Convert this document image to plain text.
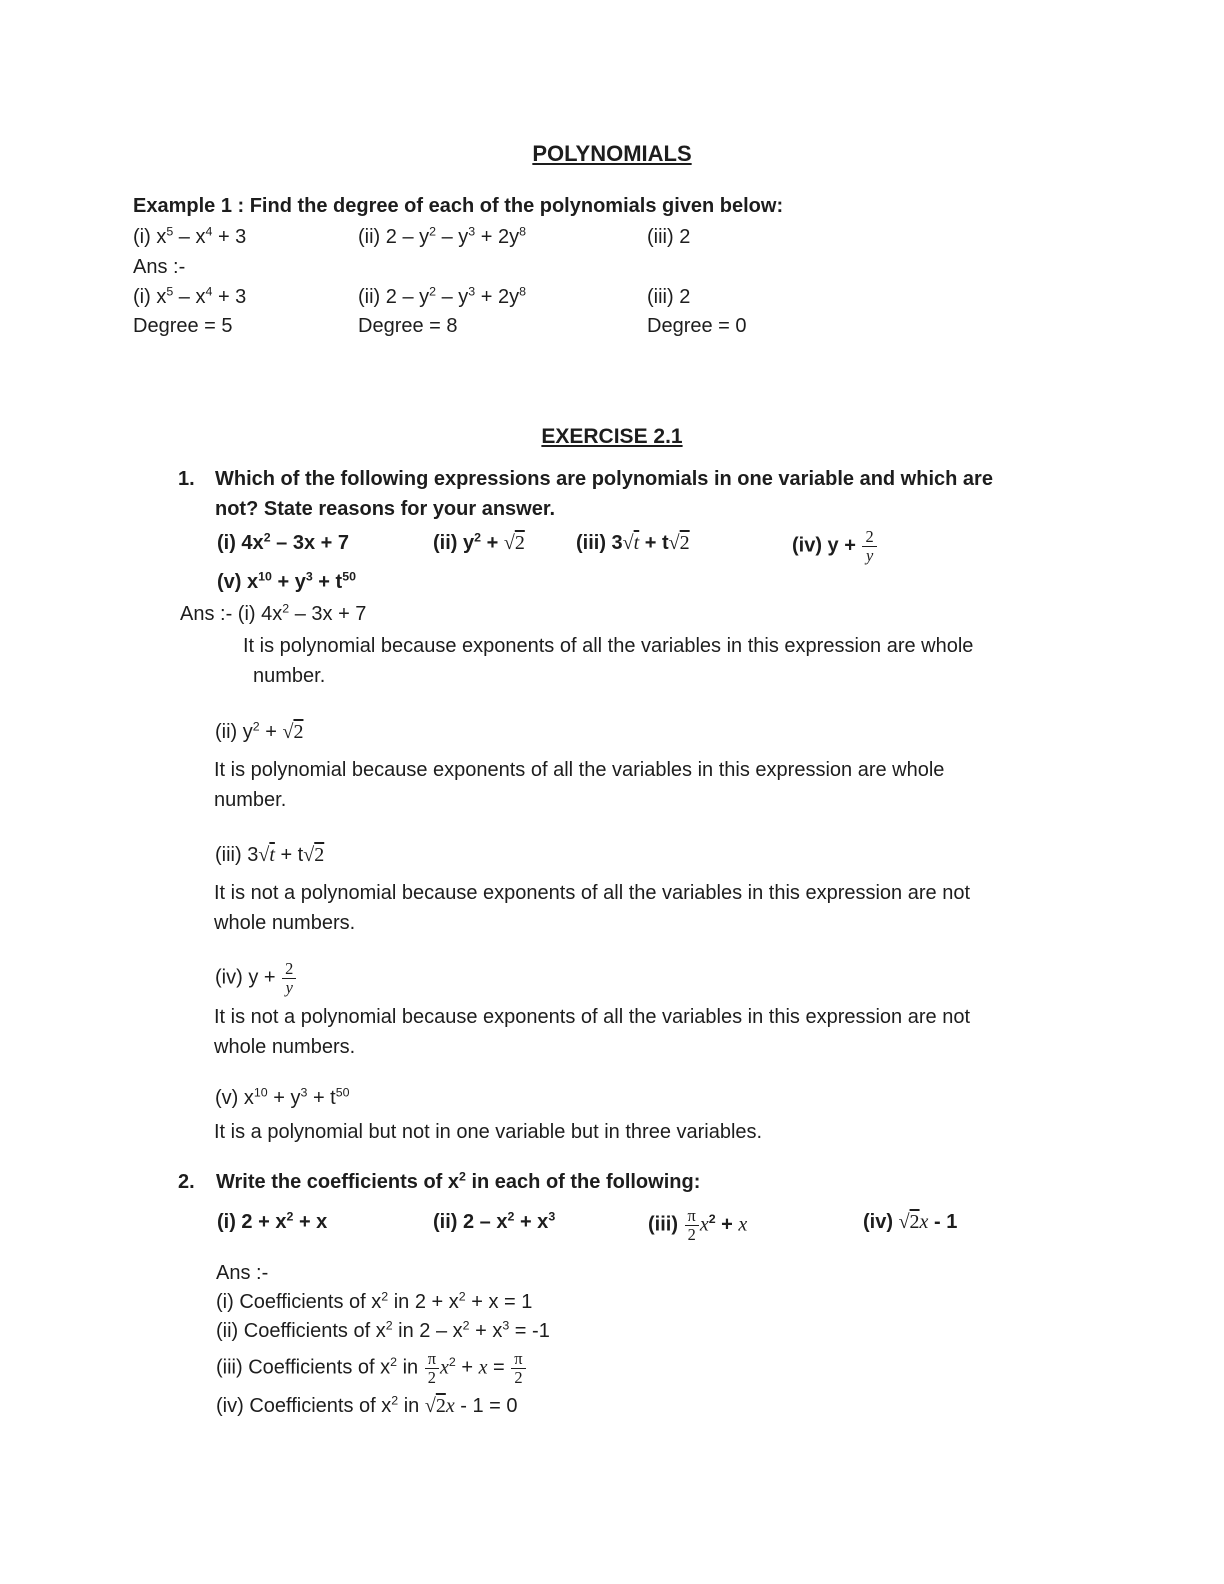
POLYNOMIALS
Example 1 : Find the degree of each of the polynomials given below:
(i) $x^5 - x^4 + 3$	(ii) $2 - y^2 - y^3 + 2y^8$	(iii) 2
Ans :-
(i) $x^5 - x^4 + 3$	(ii) $2 - y^2 - y^3 + 2y^8$	(iii) 2
Degree = 5	Degree = 8	Degree = 0
EXERCISE 2.1
1. Which of the following expressions are polynomials in one variable and which are
not? State reasons for your answer.
(i) $4x^2 - 3x + 7$	(ii) $y^2 + √2$	(iii) 3√t + t√2	(iv) $y + \frac{2}{y}$
(v) $x^{10} + y^3 + t^{50}$
Ans :- (i) $4x^2 - 3x + 7$
It is polynomial because exponents of all the variables in this expression are whole
number.
(ii) $y^2 + √2$
It is polynomial because exponents of all the variables in this expression are whole
number.
(iii) 3√t + t√2
It is not a polynomial because exponents of all the variables in this expression are not
whole numbers.
(iv) $y + \frac{2}{y}$
It is not a polynomial because exponents of all the variables in this expression are not
whole numbers.
(v) $x^{10} + y^3 + t^{50}$
It is a polynomial but not in one variable but in three variables.
2. Write the coefficients of $x^2$ in each of the following:
(i) $2 + x^2 + x$	(ii) $2 - x^2 + x^3$	$(iii) \frac{\pi}{2} x^2 + x$	(iv) √2x - 1
Ans :-
(i) Coefficients of $x^2$ in $2 + x^2 + x = 1$
(ii) Coefficients of $x^2$ in $2 - x^2 + x^3 = -1$
(iii) Coefficients of $x^2$ in $\frac{\pi}{2} x^2 + x = \frac{\pi}{2}$
(iv) Coefficients of $x^2$ in √2x - 1 = 0
